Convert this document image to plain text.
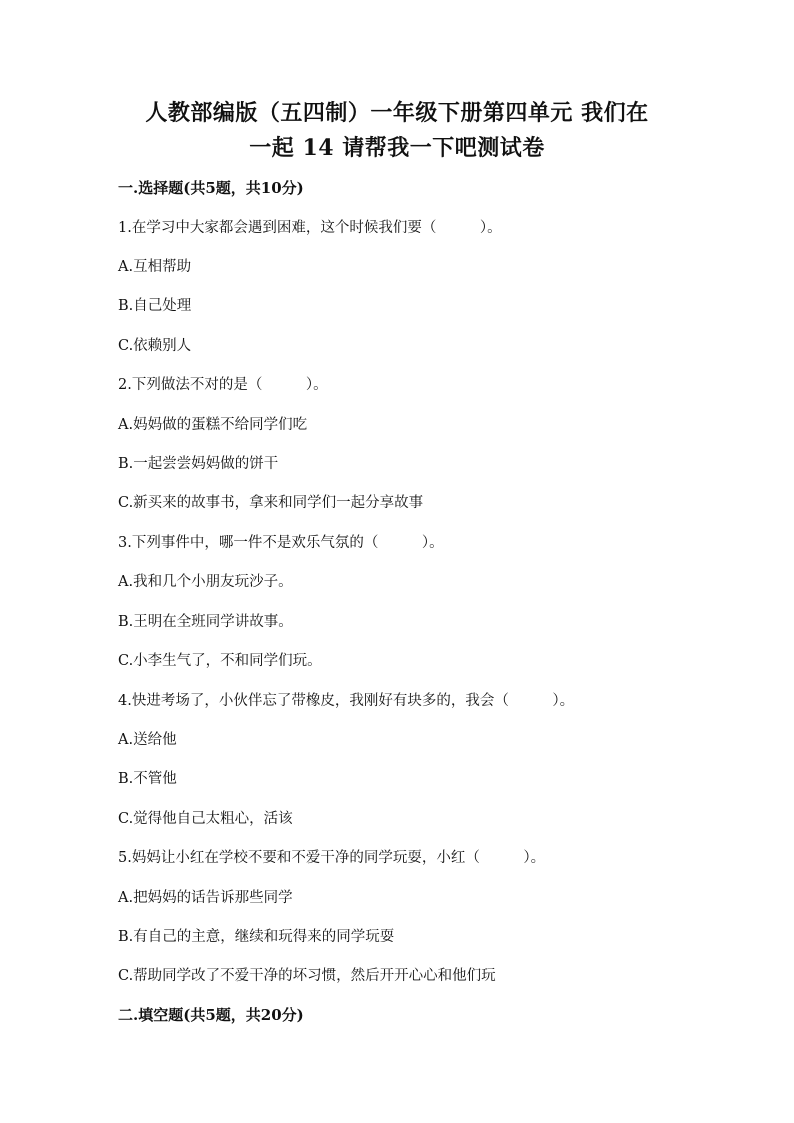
人教部编版（五四制）一年级下册第四单元 我们在
一起 14 请帮我一下吧测试卷
一.选择题(共5题，共10分)
1.在学习中大家都会遇到困难，这个时候我们要（　　　）。
A.互相帮助
B.自己处理
C.依赖别人
2.下列做法不对的是（　　　）。
A.妈妈做的蛋糕不给同学们吃
B.一起尝尝妈妈做的饼干
C.新买来的故事书，拿来和同学们一起分享故事
3.下列事件中，哪一件不是欢乐气氛的（　　　）。
A.我和几个小朋友玩沙子。
B.王明在全班同学讲故事。
C.小李生气了，不和同学们玩。
4.快进考场了，小伙伴忘了带橡皮，我刚好有块多的，我会（　　　）。
A.送给他
B.不管他
C.觉得他自己太粗心，活该
5.妈妈让小红在学校不要和不爱干净的同学玩耍，小红（　　　）。
A.把妈妈的话告诉那些同学
B.有自己的主意，继续和玩得来的同学玩耍
C.帮助同学改了不爱干净的坏习惯，然后开开心心和他们玩
二.填空题(共5题，共20分)
